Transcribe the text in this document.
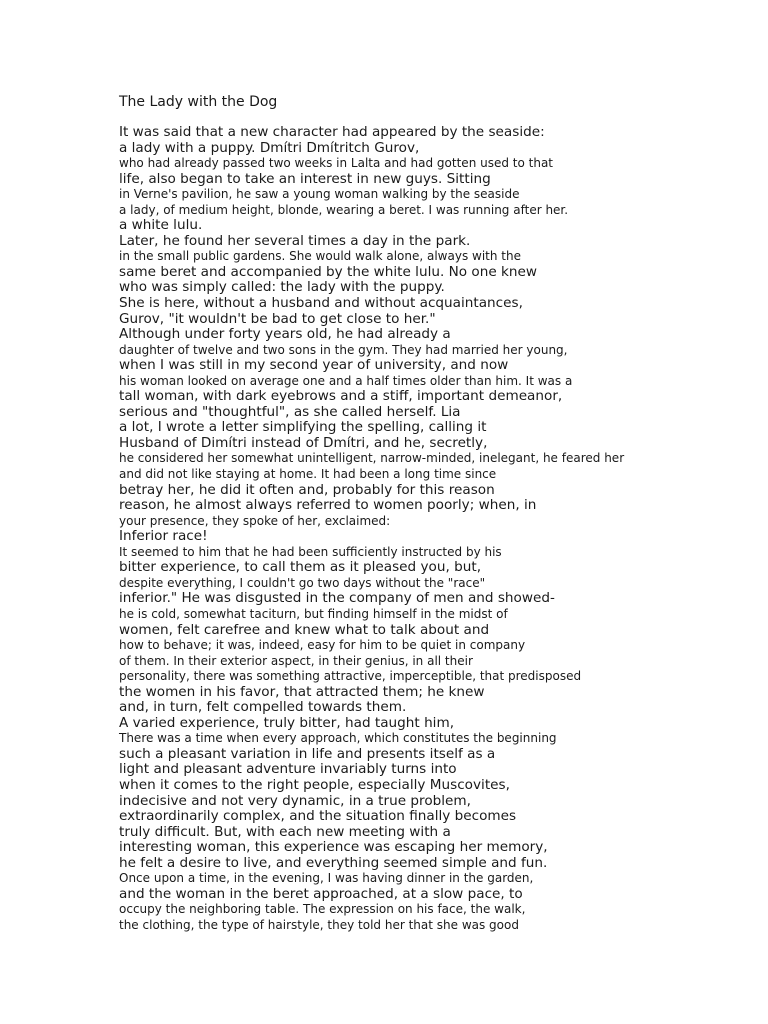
The Lady with the Dog
It was said that a new character had appeared by the seaside:
a lady with a puppy. Dmítri Dmítritch Gurov,
who had already passed two weeks in Lalta and had gotten used to that
life, also began to take an interest in new guys. Sitting
in Verne's pavilion, he saw a young woman walking by the seaside
a lady, of medium height, blonde, wearing a beret. I was running after her.
a white lulu.
Later, he found her several times a day in the park.
in the small public gardens. She would walk alone, always with the
same beret and accompanied by the white lulu. No one knew
who was simply called: the lady with the puppy.
She is here, without a husband and without acquaintances,
Gurov, "it wouldn't be bad to get close to her."
Although under forty years old, he had already a
daughter of twelve and two sons in the gym. They had married her young,
when I was still in my second year of university, and now
his woman looked on average one and a half times older than him. It was a
tall woman, with dark eyebrows and a stiff, important demeanor,
serious and "thoughtful", as she called herself. Lia
a lot, I wrote a letter simplifying the spelling, calling it
Husband of Dimítri instead of Dmítri, and he, secretly,
he considered her somewhat unintelligent, narrow-minded, inelegant, he feared her
and did not like staying at home. It had been a long time since
betray her, he did it often and, probably for this reason
reason, he almost always referred to women poorly; when, in
your presence, they spoke of her, exclaimed:
Inferior race!
It seemed to him that he had been sufficiently instructed by his
bitter experience, to call them as it pleased you, but,
despite everything, I couldn't go two days without the "race"
inferior." He was disgusted in the company of men and showed-
he is cold, somewhat taciturn, but finding himself in the midst of
women, felt carefree and knew what to talk about and
how to behave; it was, indeed, easy for him to be quiet in company
of them. In their exterior aspect, in their genius, in all their
personality, there was something attractive, imperceptible, that predisposed
the women in his favor, that attracted them; he knew
and, in turn, felt compelled towards them.
A varied experience, truly bitter, had taught him,
There was a time when every approach, which constitutes the beginning
such a pleasant variation in life and presents itself as a
light and pleasant adventure invariably turns into
when it comes to the right people, especially Muscovites,
indecisive and not very dynamic, in a true problem,
extraordinarily complex, and the situation finally becomes
truly difficult. But, with each new meeting with a
interesting woman, this experience was escaping her memory,
he felt a desire to live, and everything seemed simple and fun.
Once upon a time, in the evening, I was having dinner in the garden,
and the woman in the beret approached, at a slow pace, to
occupy the neighboring table. The expression on his face, the walk,
the clothing, the type of hairstyle, they told her that she was good
